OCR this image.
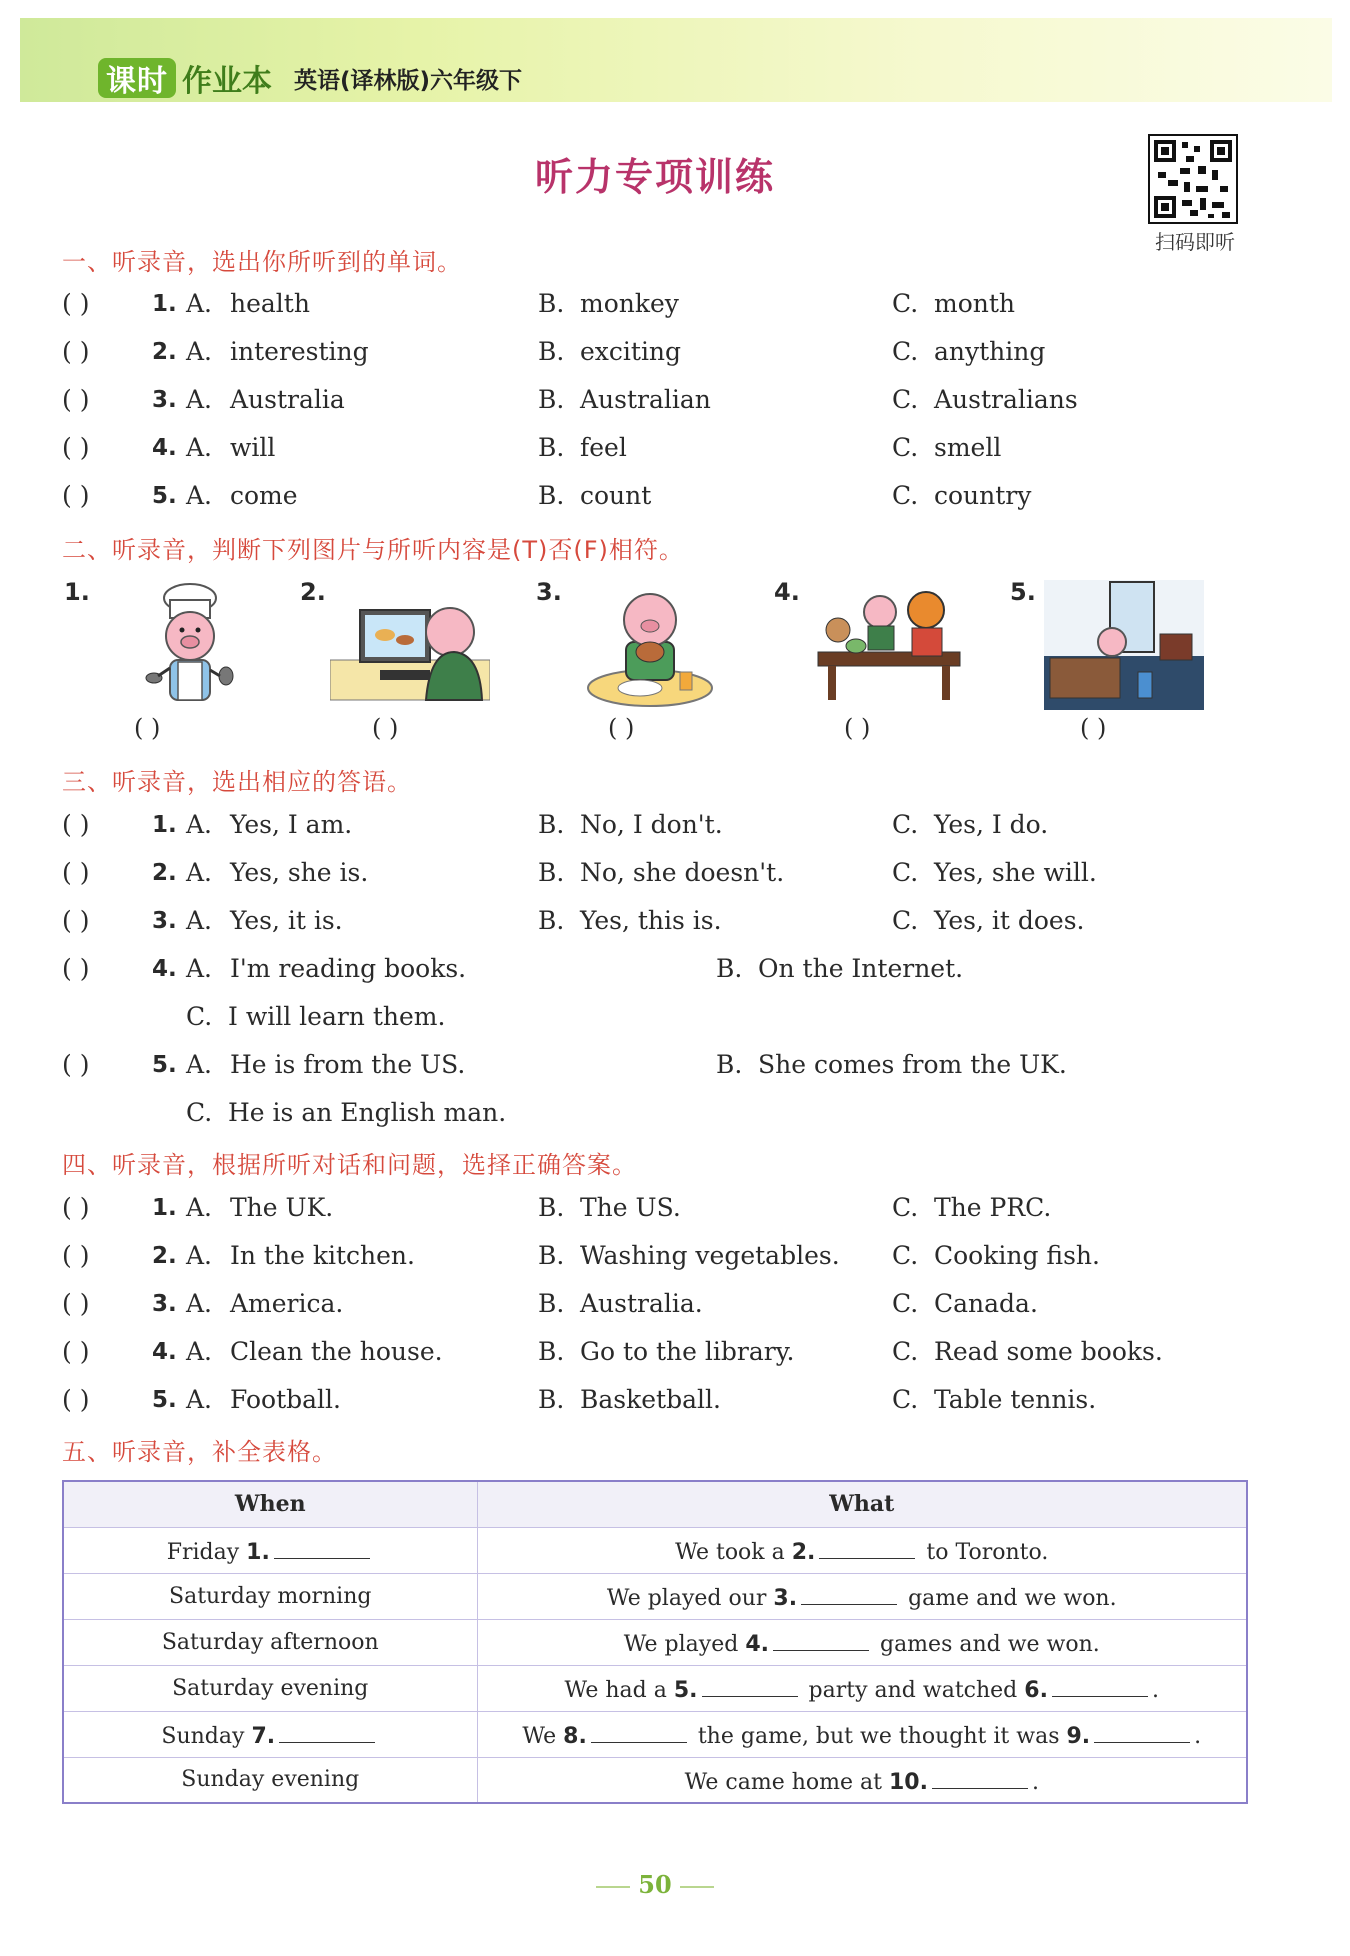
课时 作业本 英语(译林版)六年级下
听力专项训练
扫码即听
一、听录音，选出你所听到的单词。
( )	1. A. health	B. monkey	C. month
( )	2. A. interesting	B. exciting	C. anything
( )	3. A. Australia	B. Australian	C. Australians
( )	4. A. will	B. feel	C. smell
( )	5. A. come	B. count	C. country
二、听录音，判断下列图片与所听内容是(T)否(F)相符。
1.
( )
2.
( )
3.
( )
4.
( )
5.
( )
三、听录音，选出相应的答语。
( )	1. A. Yes, I am.	B. No, I don't.	C. Yes, I do.
( )	2. A. Yes, she is.	B. No, she doesn't.	C. Yes, she will.
( )	3. A. Yes, it is.	B. Yes, this is.	C. Yes, it does.
( )	4. A. I'm reading books.	B. On the Internet.
C. I will learn them.
( )	5. A. He is from the US.	B. She comes from the UK.
C. He is an English man.
四、听录音，根据所听对话和问题，选择正确答案。
( )	1. A. The UK.	B. The US.	C. The PRC.
( )	2. A. In the kitchen.	B. Washing vegetables. C. Cooking fish.
( )	3. A. America.	B. Australia.	C. Canada.
( )	4. A. Clean the house.	B. Go to the library.	C. Read some books.
( )	5. A. Football.	B. Basketball.	C. Table tennis.
五、听录音，补全表格。
When	What
Friday 1.	We took a 2. to Toronto.
Saturday morning	We played our 3. game and we won.
Saturday afternoon	We played 4. games and we won.
Saturday evening	We had a 5. party and watched 6. .
Sunday 7.	We 8. the game, but we thought it was 9. .
Sunday evening	We came home at 10. .
50
